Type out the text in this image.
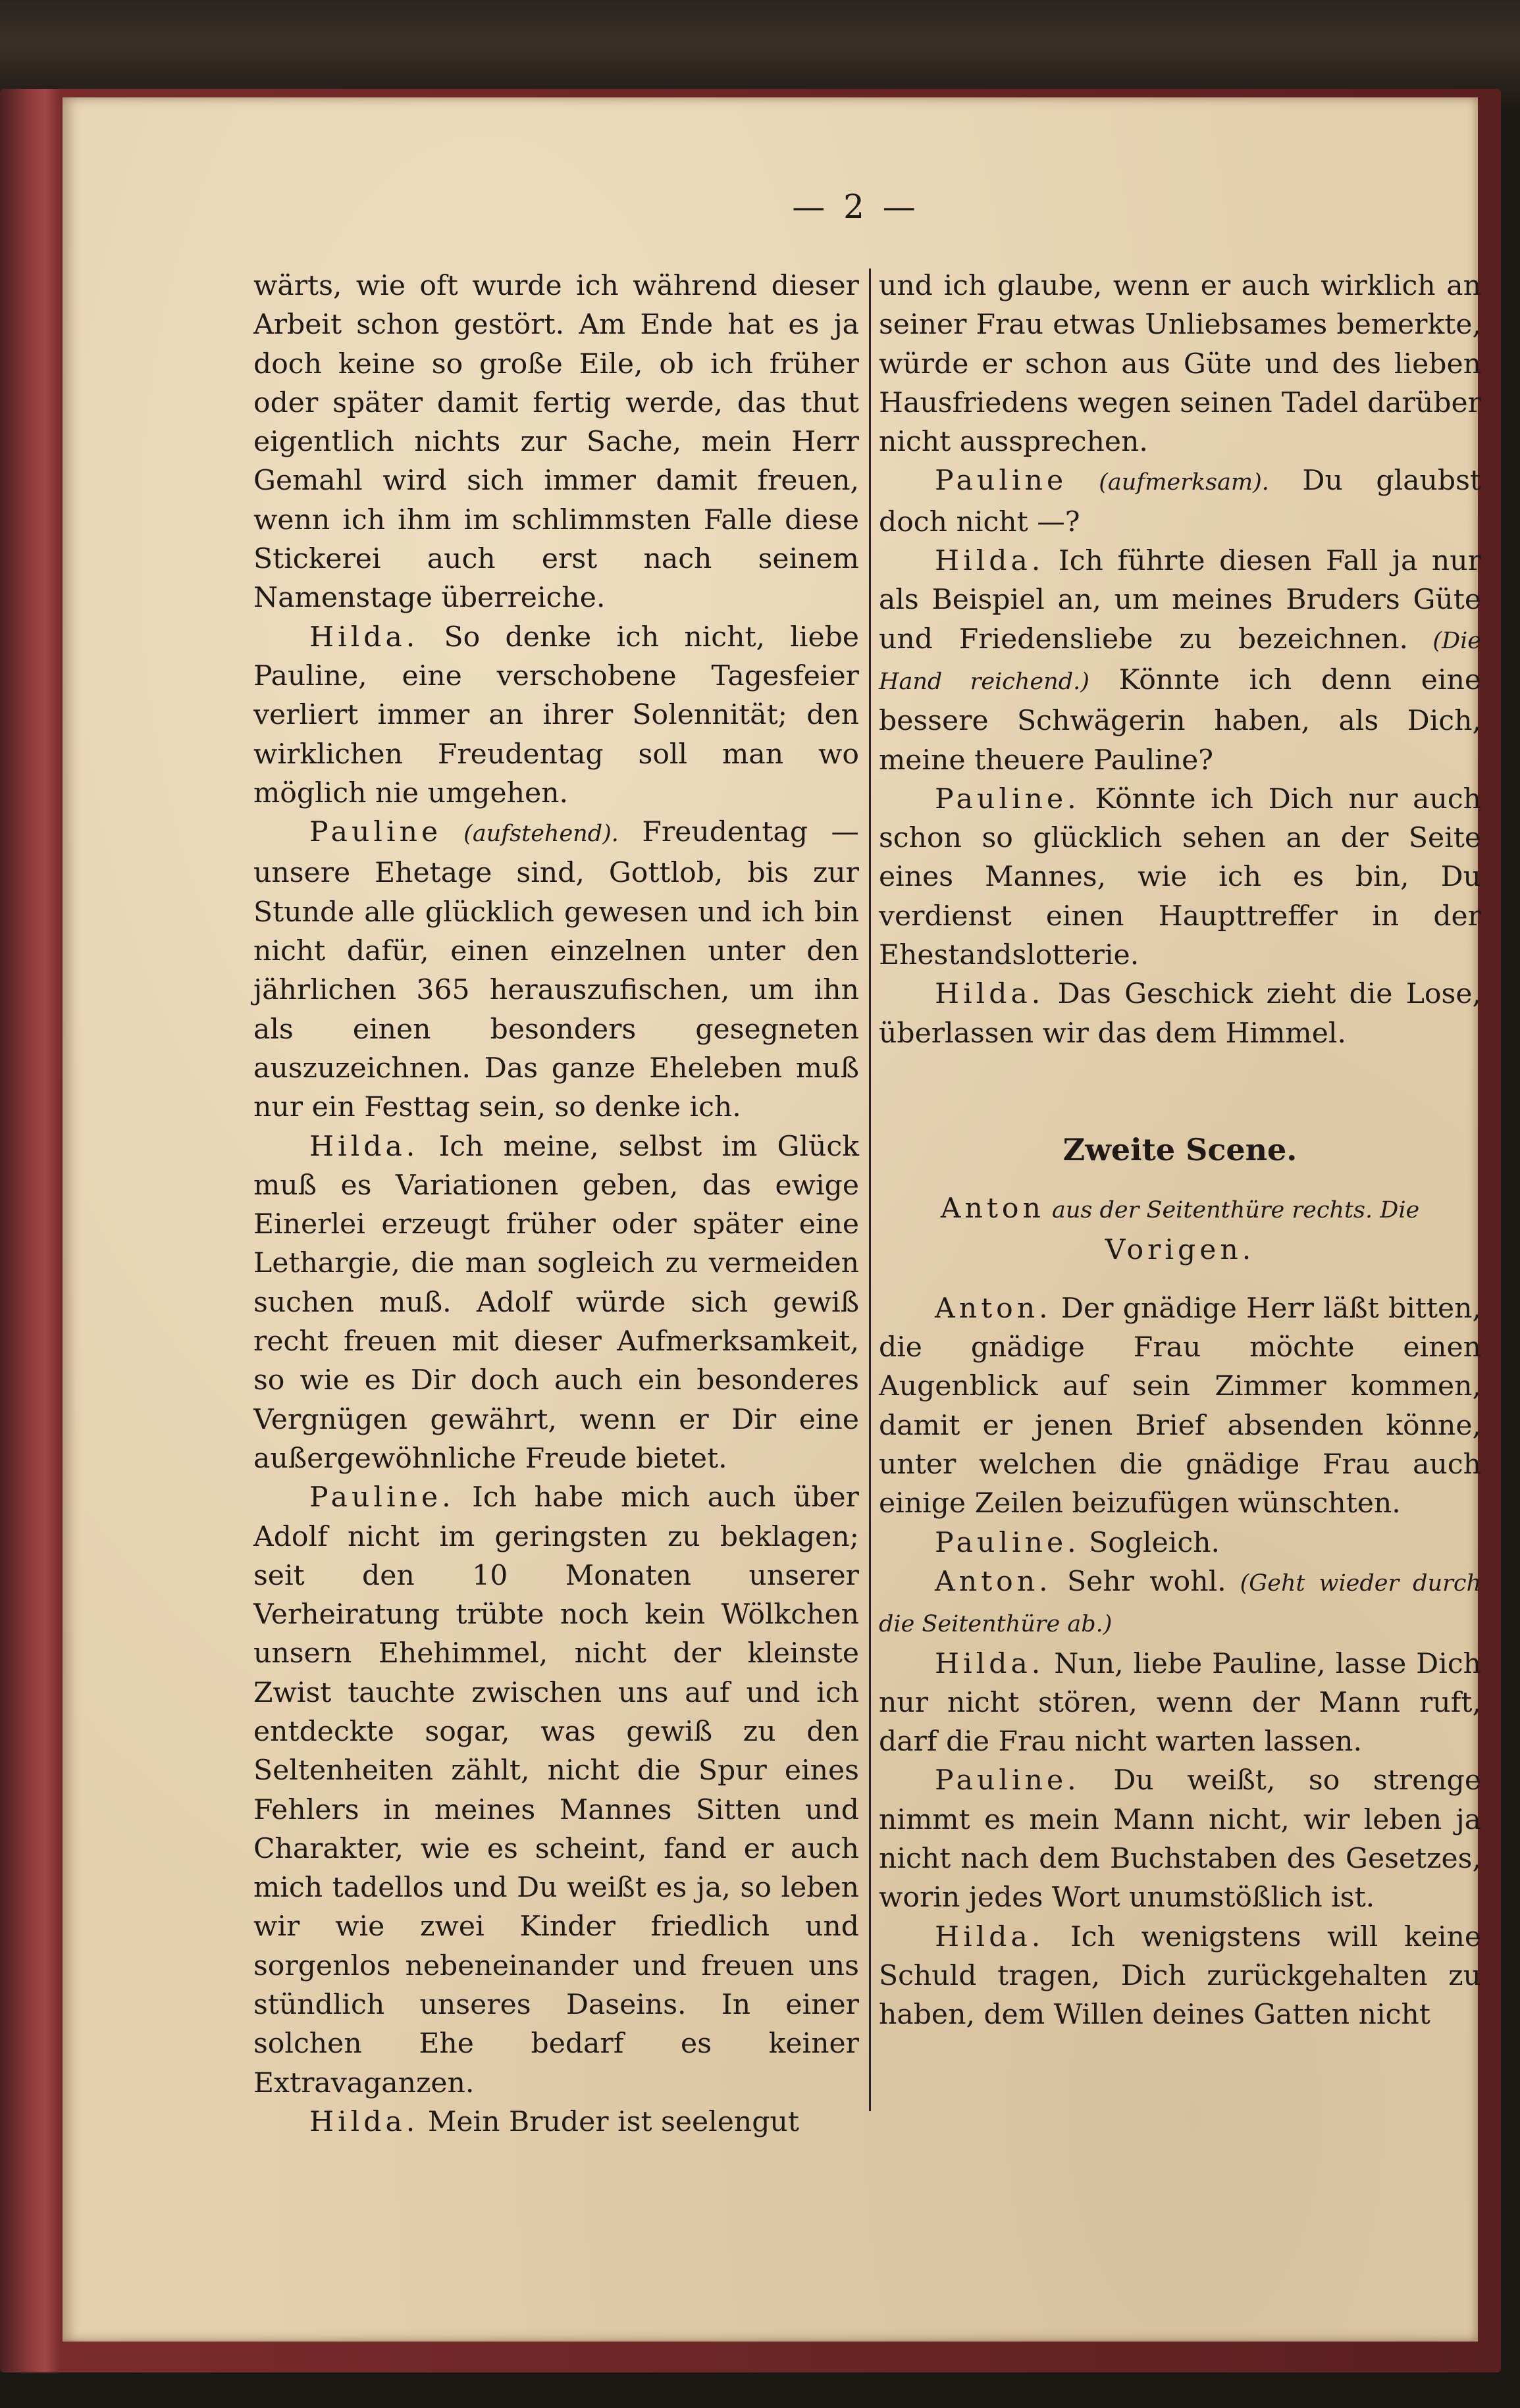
— 2 —

wärts, wie oft wurde ich während dieser Arbeit schon gestört. Am Ende hat es ja doch keine so große Eile, ob ich früher oder später damit fertig werde, das thut eigentlich nichts zur Sache, mein Herr Gemahl wird sich immer damit freuen, wenn ich ihm im schlimmsten Falle diese Stickerei auch erst nach seinem Namenstage überreiche.

Hilda. So denke ich nicht, liebe Pauline, eine verschobene Tagesfeier verliert immer an ihrer Solennität; den wirklichen Freudentag soll man wo möglich nie umgehen.

Pauline (aufstehend). Freudentag — unsere Ehetage sind, Gottlob, bis zur Stunde alle glücklich gewesen und ich bin nicht dafür, einen einzelnen unter den jährlichen 365 herauszufischen, um ihn als einen besonders gesegneten auszuzeichnen. Das ganze Eheleben muß nur ein Festtag sein, so denke ich.

Hilda. Ich meine, selbst im Glück muß es Variationen geben, das ewige Einerlei erzeugt früher oder später eine Lethargie, die man sogleich zu vermeiden suchen muß. Adolf würde sich gewiß recht freuen mit dieser Aufmerksamkeit, so wie es Dir doch auch ein besonderes Vergnügen gewährt, wenn er Dir eine außergewöhnliche Freude bietet.

Pauline. Ich habe mich auch über Adolf nicht im geringsten zu beklagen; seit den 10 Monaten unserer Verheiratung trübte noch kein Wölkchen unsern Ehehimmel, nicht der kleinste Zwist tauchte zwischen uns auf und ich entdeckte sogar, was gewiß zu den Seltenheiten zählt, nicht die Spur eines Fehlers in meines Mannes Sitten und Charakter, wie es scheint, fand er auch mich tadellos und Du weißt es ja, so leben wir wie zwei Kinder friedlich und sorgenlos nebeneinander und freuen uns stündlich unseres Daseins. In einer solchen Ehe bedarf es keiner Extravaganzen.

Hilda. Mein Bruder ist seelengut

und ich glaube, wenn er auch wirklich an seiner Frau etwas Unliebsames bemerkte, würde er schon aus Güte und des lieben Hausfriedens wegen seinen Tadel darüber nicht aussprechen.

Pauline (aufmerksam). Du glaubst doch nicht —?

Hilda. Ich führte diesen Fall ja nur als Beispiel an, um meines Bruders Güte und Friedensliebe zu bezeichnen. (Die Hand reichend.) Könnte ich denn eine bessere Schwägerin haben, als Dich, meine theuere Pauline?

Pauline. Könnte ich Dich nur auch schon so glücklich sehen an der Seite eines Mannes, wie ich es bin, Du verdienst einen Haupttreffer in der Ehestandslotterie.

Hilda. Das Geschick zieht die Lose, überlassen wir das dem Himmel.

Zweite Scene.

Anton aus der Seitenthüre rechts. Die

Vorigen.

Anton. Der gnädige Herr läßt bitten, die gnädige Frau möchte einen Augenblick auf sein Zimmer kommen, damit er jenen Brief absenden könne, unter welchen die gnädige Frau auch einige Zeilen beizufügen wünschten.

Pauline. Sogleich.

Anton. Sehr wohl. (Geht wieder durch die Seitenthüre ab.)

Hilda. Nun, liebe Pauline, lasse Dich nur nicht stören, wenn der Mann ruft, darf die Frau nicht warten lassen.

Pauline. Du weißt, so strenge nimmt es mein Mann nicht, wir leben ja nicht nach dem Buchstaben des Gesetzes, worin jedes Wort unumstößlich ist.

Hilda. Ich wenigstens will keine Schuld tragen, Dich zurückgehalten zu haben, dem Willen deines Gatten nicht
